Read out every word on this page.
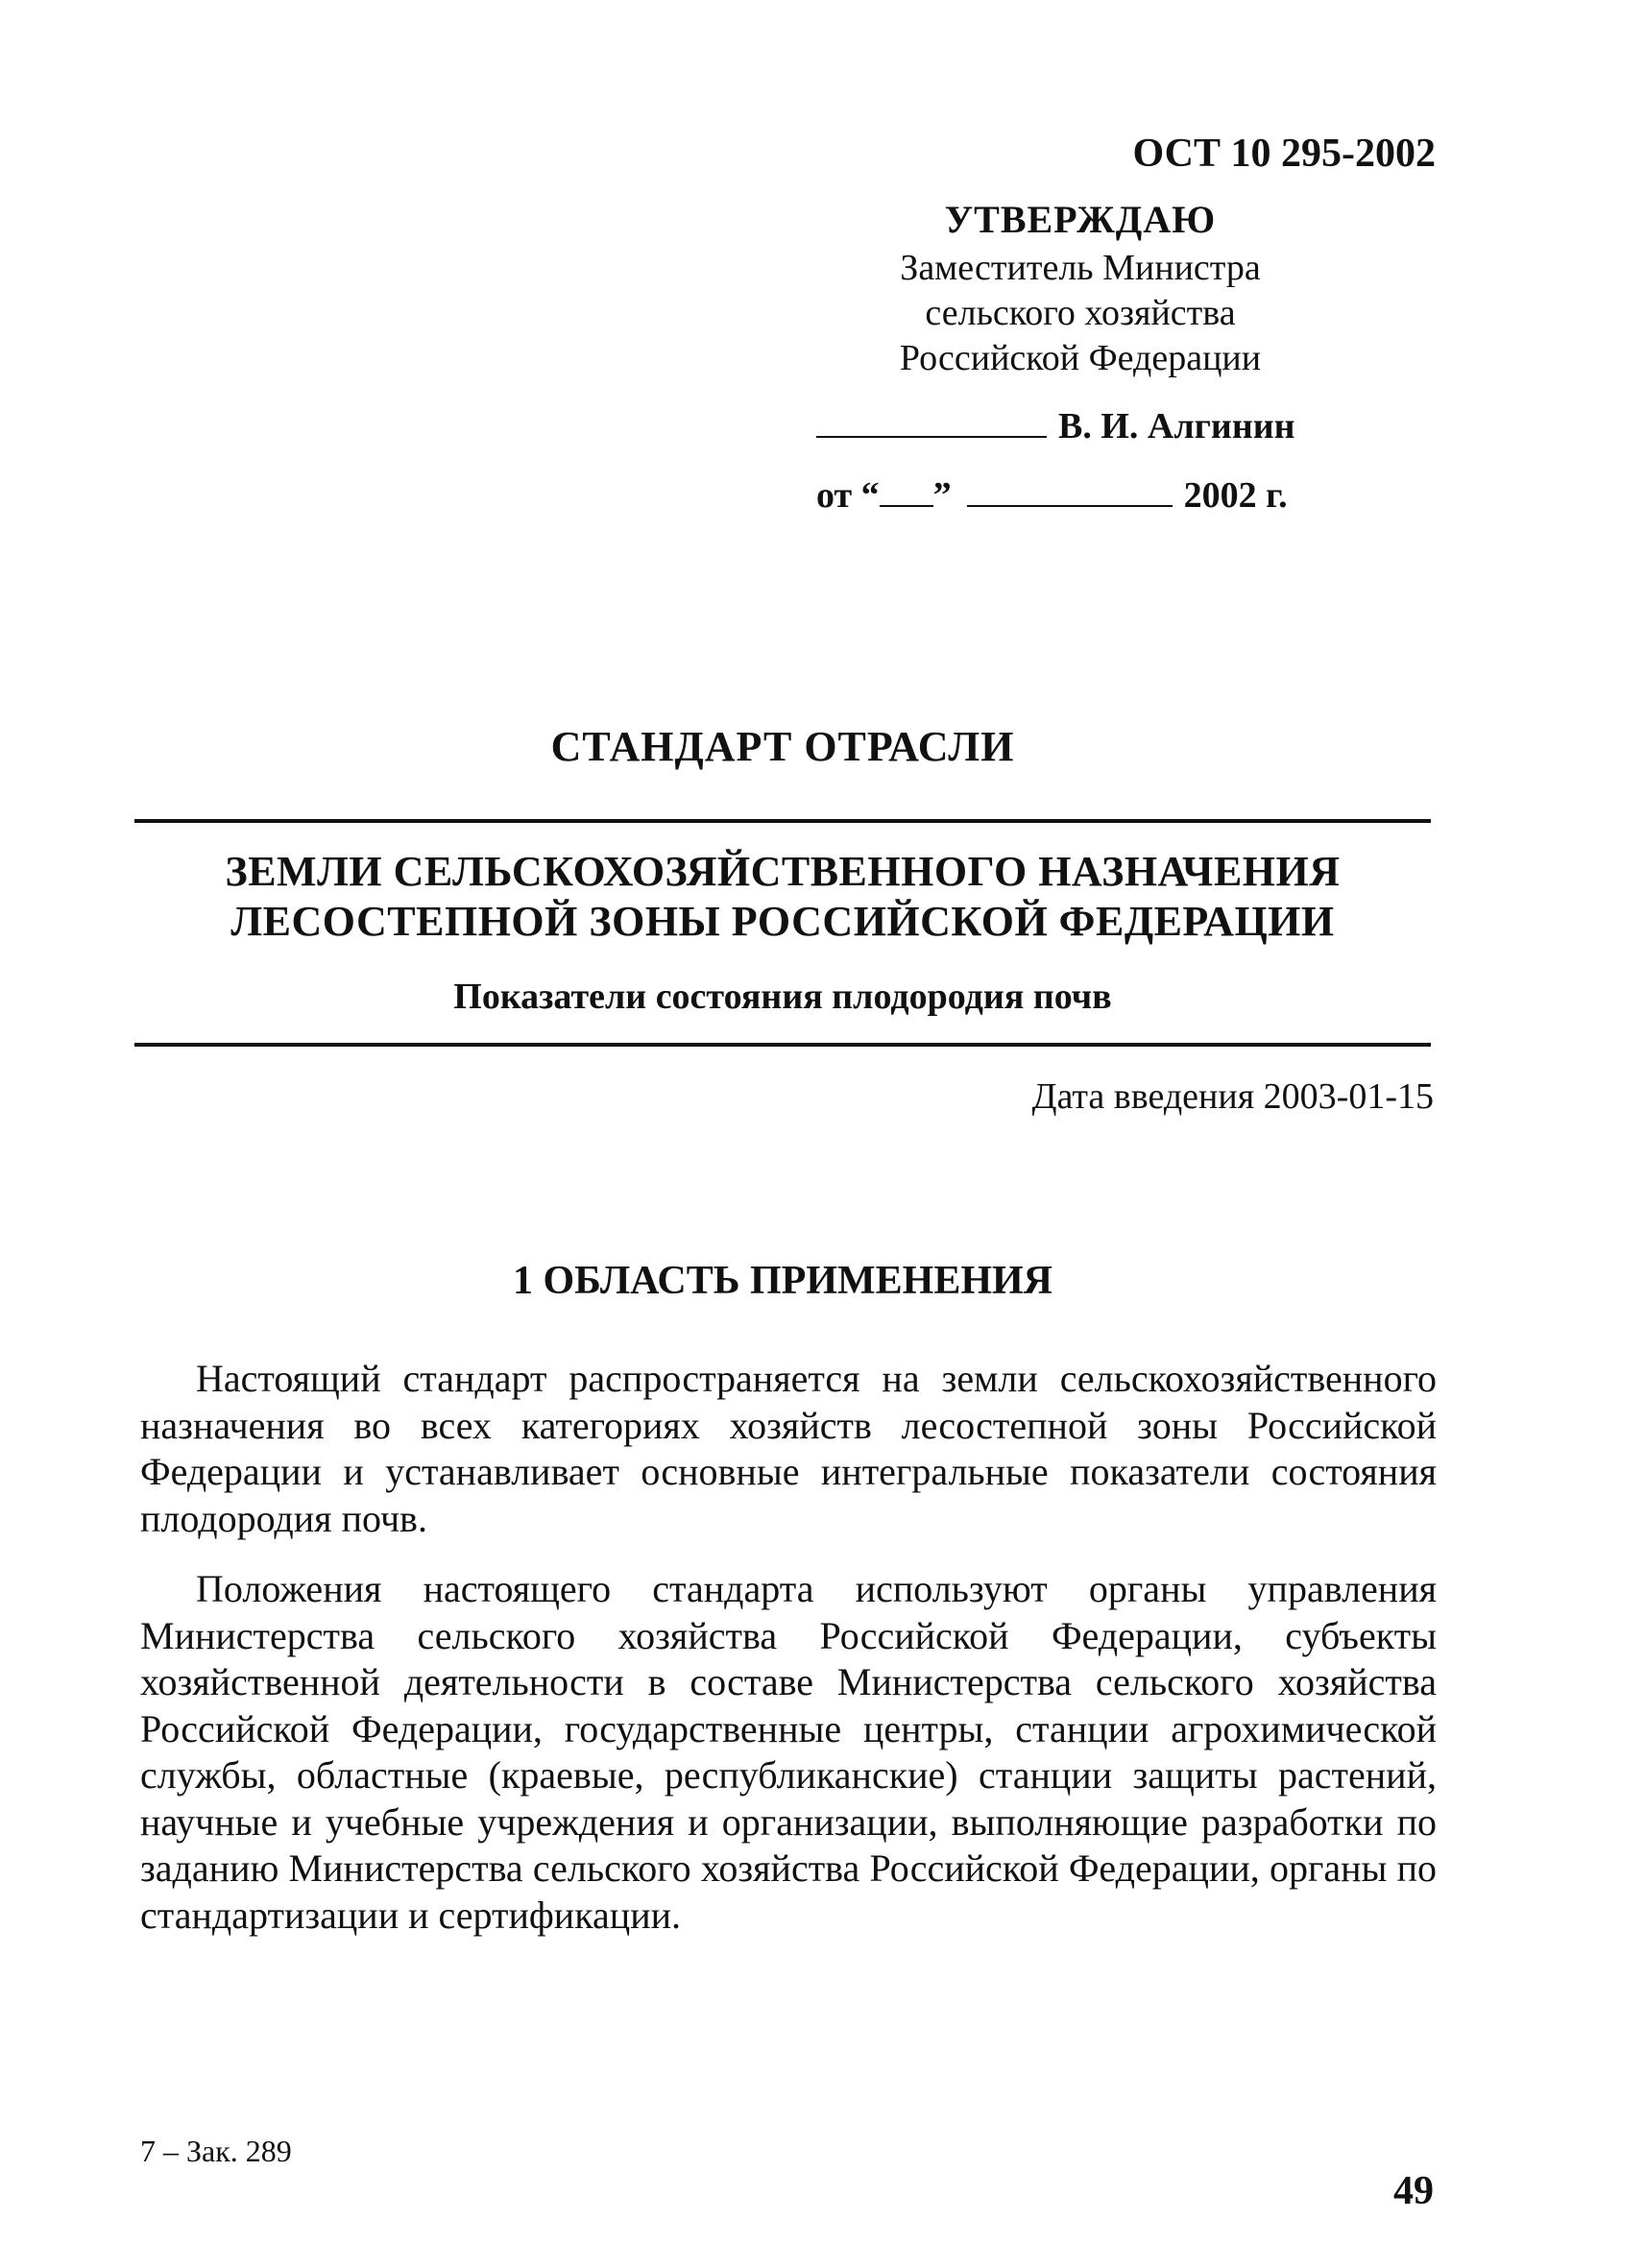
ОСТ 10 295-2002

УТВЕРЖДАЮ
Заместитель Министра
сельского хозяйства
Российской Федерации
В. И. Алгинин
от “ ”	2002 г.
СТАНДАРТ ОТРАСЛИ
ЗЕМЛИ СЕЛЬСКОХОЗЯЙСТВЕННОГО НАЗНАЧЕНИЯ
ЛЕСОСТЕПНОЙ ЗОНЫ РОССИЙСКОЙ ФЕДЕРАЦИИ
Показатели состояния плодородия почв
Дата введения 2003-01-15
1 ОБЛАСТЬ ПРИМЕНЕНИЯ

Настоящий стандарт распространяется на земли сельскохозяйственного назначения во всех категориях хозяйств лесостепной зоны Российской Федерации и устанавливает основные интегральные показатели состояния плодородия почв.

Положения настоящего стандарта используют органы управления Министерства сельского хозяйства Российской Федерации, субъекты хозяйственной деятельности в составе Министерства сельского хозяйства Российской Федерации, государственные центры, станции агрохимической службы, областные (краевые, республиканские) станции защиты растений, научные и учебные учреждения и организации, выполняющие разработки по заданию Министерства сельского хозяйства Российской Федерации, органы по стандартизации и сертификации.

7 – Зак. 289
49
